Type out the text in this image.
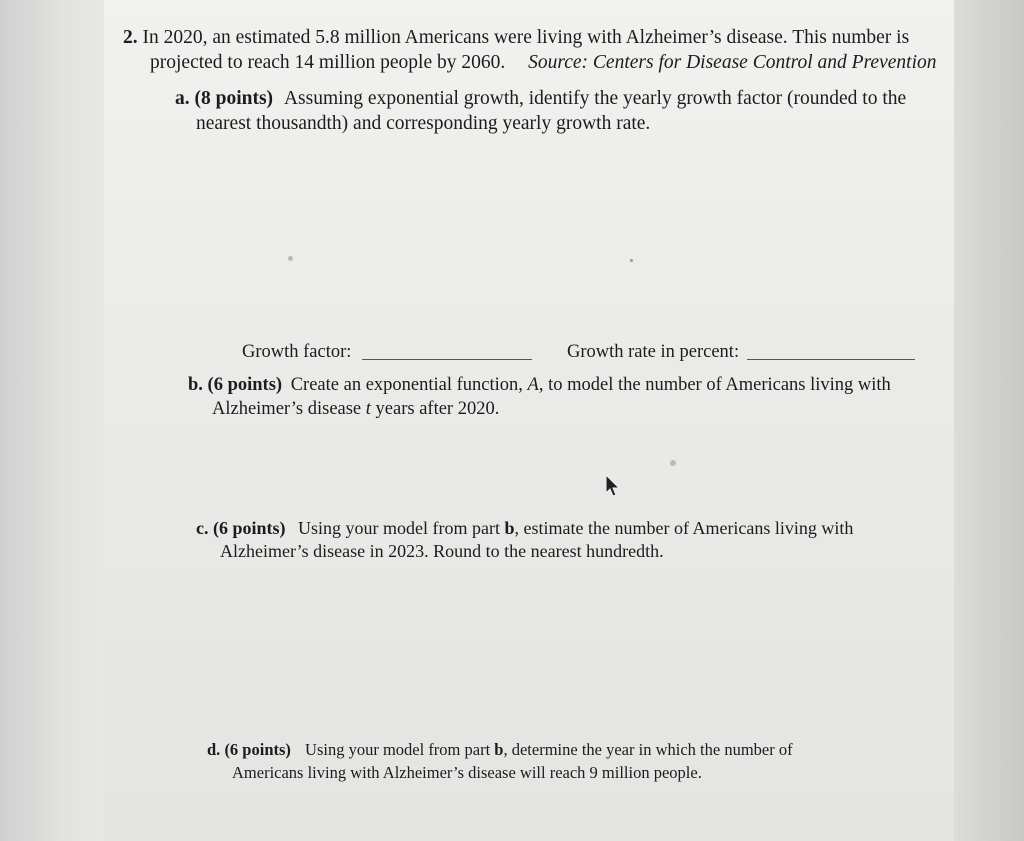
2. In 2020, an estimated 5.8 million Americans were living with Alzheimer’s disease. This number is
projected to reach 14 million people by 2060. Source: Centers for Disease Control and Prevention
a. (8 points) Assuming exponential growth, identify the yearly growth factor (rounded to the
nearest thousandth) and corresponding yearly growth rate.
Growth factor:	Growth rate in percent:
b. (6 points) Create an exponential function, A, to model the number of Americans living with
Alzheimer’s disease t years after 2020.
c. (6 points) Using your model from part b, estimate the number of Americans living with
Alzheimer’s disease in 2023. Round to the nearest hundredth.
d. (6 points) Using your model from part b, determine the year in which the number of
Americans living with Alzheimer’s disease will reach 9 million people.
